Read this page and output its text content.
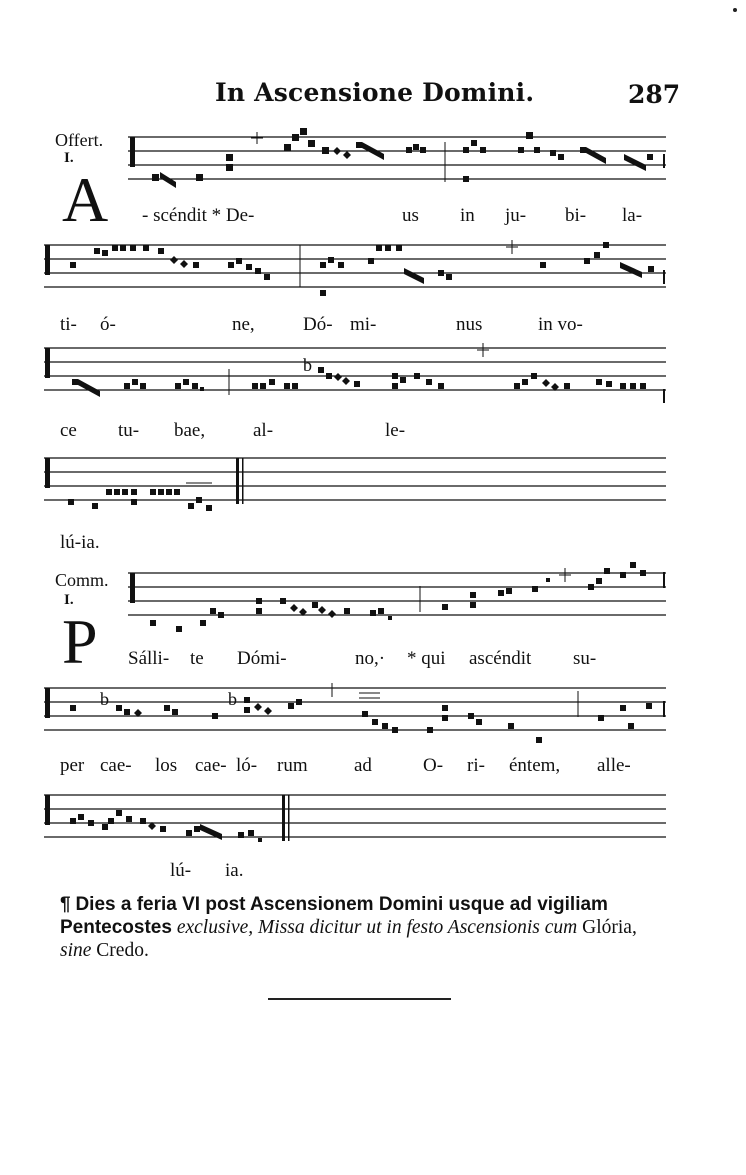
In Ascensione Domini.	287
Offert.
I.
A - scéndit * De-	us in ju- bi- la-
ti- ó-	ne,	Dó- mi-	nus	in vo-
b
ce tu- bae,	al-	le-
lú-ia.
Comm.
I.
P Sálli- te Dómi-	no,· * qui ascéndit su-
b	b
per cae- los cae- ló- rum ad	O- ri- éntem, alle-
lú- ia.
¶ Dies a feria VI post Ascensionem Domini usque ad vigiliam Pentecostes exclusive, Missa dicitur ut in festo Ascensionis cum Glória, sine Credo.
